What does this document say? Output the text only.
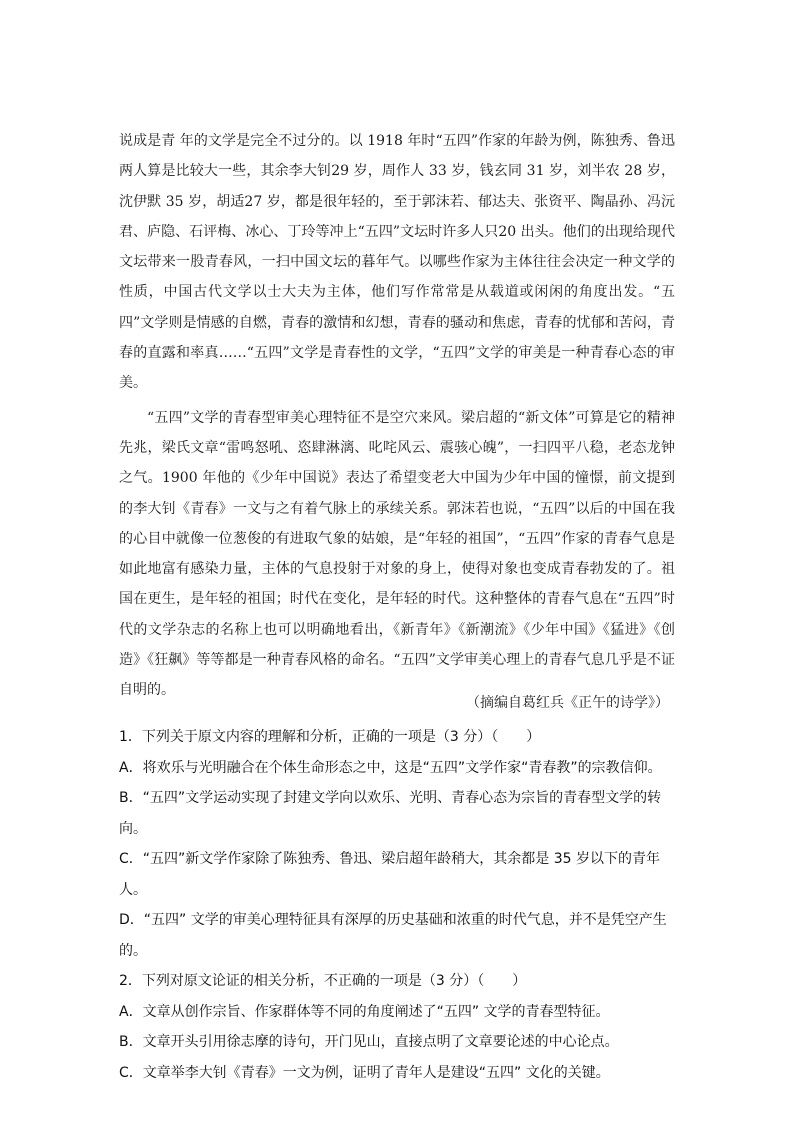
说成是青 年的文学是完全不过分的。以 1918 年时“五四”作家的年龄为例，陈独秀、鲁迅两人算是比较大一些，其余李大钊29 岁，周作人 33 岁，钱玄同 31 岁，刘半农 28 岁，沈伊默 35 岁，胡适27 岁，都是很年轻的，至于郭沫若、郁达夫、张资平、陶晶孙、冯沅君、庐隐、石评梅、冰心、丁玲等冲上“五四”文坛时许多人只20 出头。他们的出现给现代文坛带来一股青春风，一扫中国文坛的暮年气。以哪些作家为主体往往会决定一种文学的性质，中国古代文学以士大夫为主体，他们写作常常是从载道或闲闲的角度出发。“五四”文学则是情感的自燃，青春的激情和幻想，青春的骚动和焦虑，青春的忧郁和苦闷，青春的直露和率真……“五四”文学是青春性的文学，“五四”文学的审美是一种青春心态的审美。

“五四”文学的青春型审美心理特征不是空穴来风。梁启超的“新文体”可算是它的精神先兆，梁氏文章“雷鸣怒吼、恣肆淋漓、叱咤风云、震骇心魄”，一扫四平八稳，老态龙钟之气。1900 年他的《少年中国说》表达了希望变老大中国为少年中国的憧憬，前文提到的李大钊《青春》一文与之有着气脉上的承续关系。郭沫若也说，“五四”以后的中国在我的心目中就像一位葱俊的有进取气象的姑娘，是“年轻的祖国”，“五四”作家的青春气息是如此地富有感染力量，主体的气息投射于对象的身上，使得对象也变成青春勃发的了。祖国在更生，是年轻的祖国；时代在变化，是年轻的时代。这种整体的青春气息在“五四”时代的文学杂志的名称上也可以明确地看出，《新青年》《新潮流》《少年中国》《猛进》《创造》《狂飙》等等都是一种青春风格的命名。“五四”文学审美心理上的青春气息几乎是不证自明的。

（摘编自葛红兵《正午的诗学》）
1．下列关于原文内容的理解和分析，正确的一项是（3 分）（　　）
A．将欢乐与光明融合在个体生命形态之中，这是“五四”文学作家“青春教”的宗教信仰。
B．“五四”文学运动实现了封建文学向以欢乐、光明、青春心态为宗旨的青春型文学的转向。
C．“五四”新文学作家除了陈独秀、鲁迅、梁启超年龄稍大，其余都是 35 岁以下的青年人。
D．“五四” 文学的审美心理特征具有深厚的历史基础和浓重的时代气息，并不是凭空产生的。
2．下列对原文论证的相关分析，不正确的一项是（3 分）（　　）
A．文章从创作宗旨、作家群体等不同的角度阐述了“五四” 文学的青春型特征。
B．文章开头引用徐志摩的诗句，开门见山，直接点明了文章要论述的中心论点。
C．文章举李大钊《青春》一文为例，证明了青年人是建设“五四” 文化的关键。
